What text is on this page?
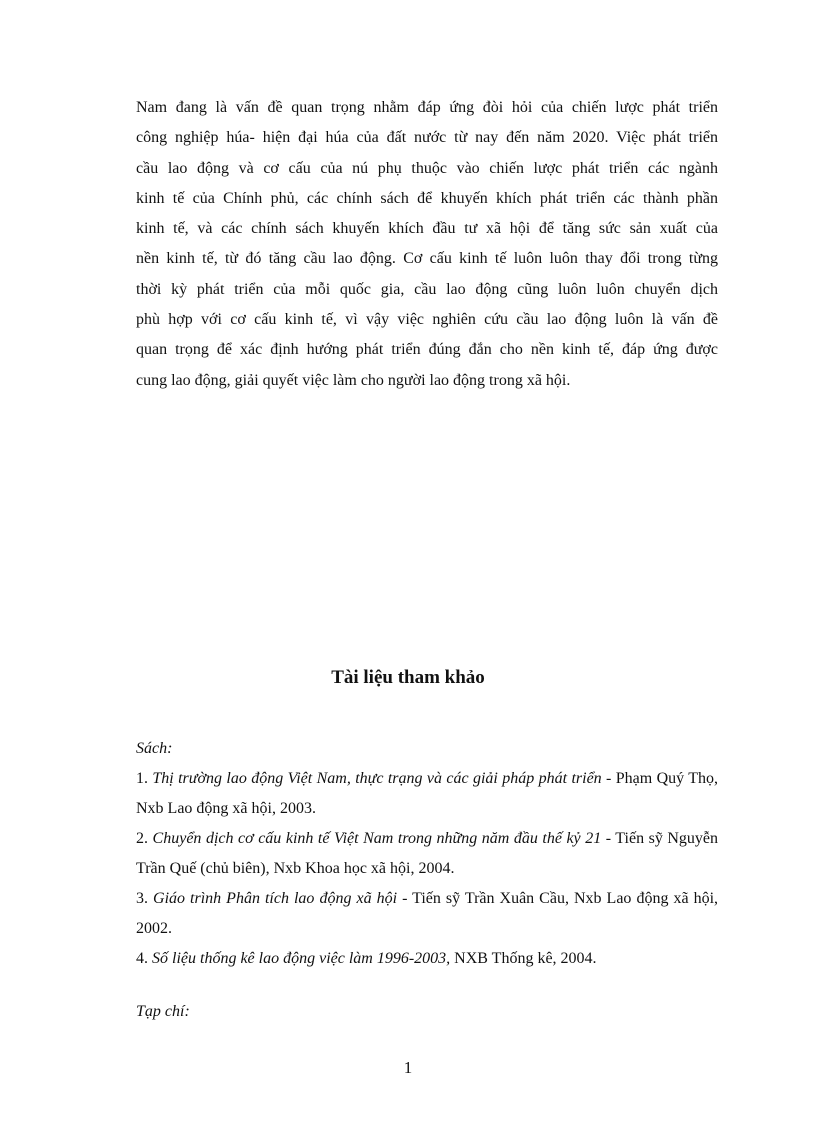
Nam đang là vấn đề quan trọng nhằm đáp ứng đòi hỏi của chiến lược phát triển
công nghiệp húa- hiện đại húa của đất nước từ nay đến năm 2020. Việc phát triển
cầu lao động và cơ cấu của nú phụ thuộc vào chiến lược phát triển các ngành
kinh tế của Chính phủ, các chính sách để khuyến khích phát triển các thành phần
kinh tế, và các chính sách khuyến khích đầu tư xã hội để tăng sức sản xuất của
nền kinh tế, từ đó tăng cầu lao động. Cơ cấu kinh tế luôn luôn thay đổi trong từng
thời kỳ phát triển của mỗi quốc gia, cầu lao động cũng luôn luôn chuyển dịch
phù hợp với cơ cấu kinh tế, vì vậy việc nghiên cứu cầu lao động luôn là vấn đề
quan trọng để xác định hướng phát triển đúng đắn cho nền kinh tế, đáp ứng được
cung lao động, giải quyết việc làm cho người lao động trong xã hội.
Tài liệu tham khảo

Sách:

1. Thị trường lao động Việt Nam, thực trạng và các giải pháp phát triển - Phạm Quý Thọ, Nxb Lao động xã hội, 2003.

2. Chuyển dịch cơ cấu kinh tế Việt Nam trong những năm đầu thế kỷ 21 - Tiến sỹ Nguyễn Trần Quế (chủ biên), Nxb Khoa học xã hội, 2004.

3. Giáo trình Phân tích lao động xã hội - Tiến sỹ Trần Xuân Cầu, Nxb Lao động xã hội, 2002.

4. Số liệu thống kê lao động việc làm 1996-2003, NXB Thống kê, 2004.

Tạp chí:

1
